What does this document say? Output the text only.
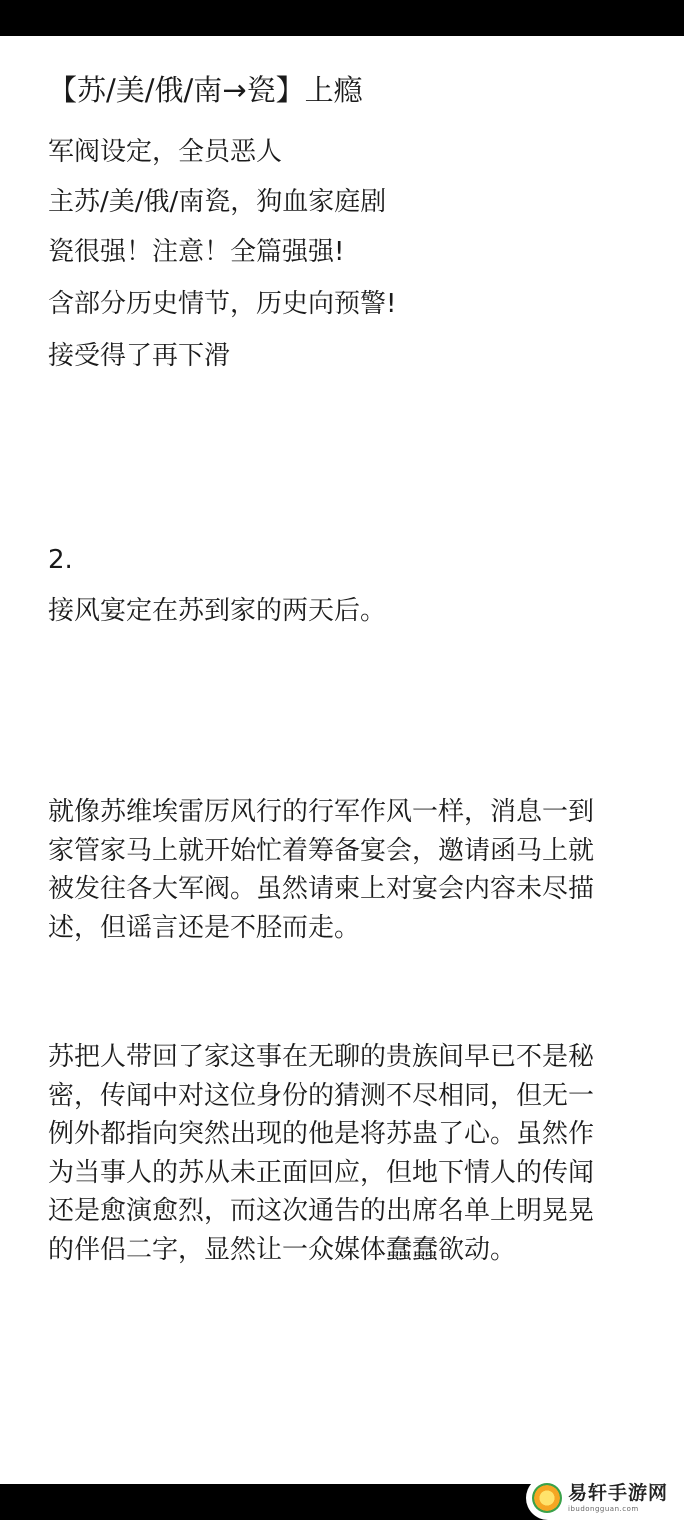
【苏/美/俄/南→瓷】上瘾
军阀设定，全员恶人
主苏/美/俄/南瓷，狗血家庭剧
瓷很强！注意！全篇强强!
含部分历史情节，历史向预警!
接受得了再下滑
2.
接风宴定在苏到家的两天后。
就像苏维埃雷厉风行的行军作风一样，消息一到
家管家马上就开始忙着筹备宴会，邀请函马上就
被发往各大军阀。虽然请柬上对宴会内容未尽描
述，但谣言还是不胫而走。
苏把人带回了家这事在无聊的贵族间早已不是秘
密，传闻中对这位身份的猜测不尽相同，但无一
例外都指向突然出现的他是将苏蛊了心。虽然作
为当事人的苏从未正面回应，但地下情人的传闻
还是愈演愈烈，而这次通告的出席名单上明晃晃
的伴侣二字，显然让一众媒体蠢蠢欲动。
易轩手游网
ibudongguan.com
